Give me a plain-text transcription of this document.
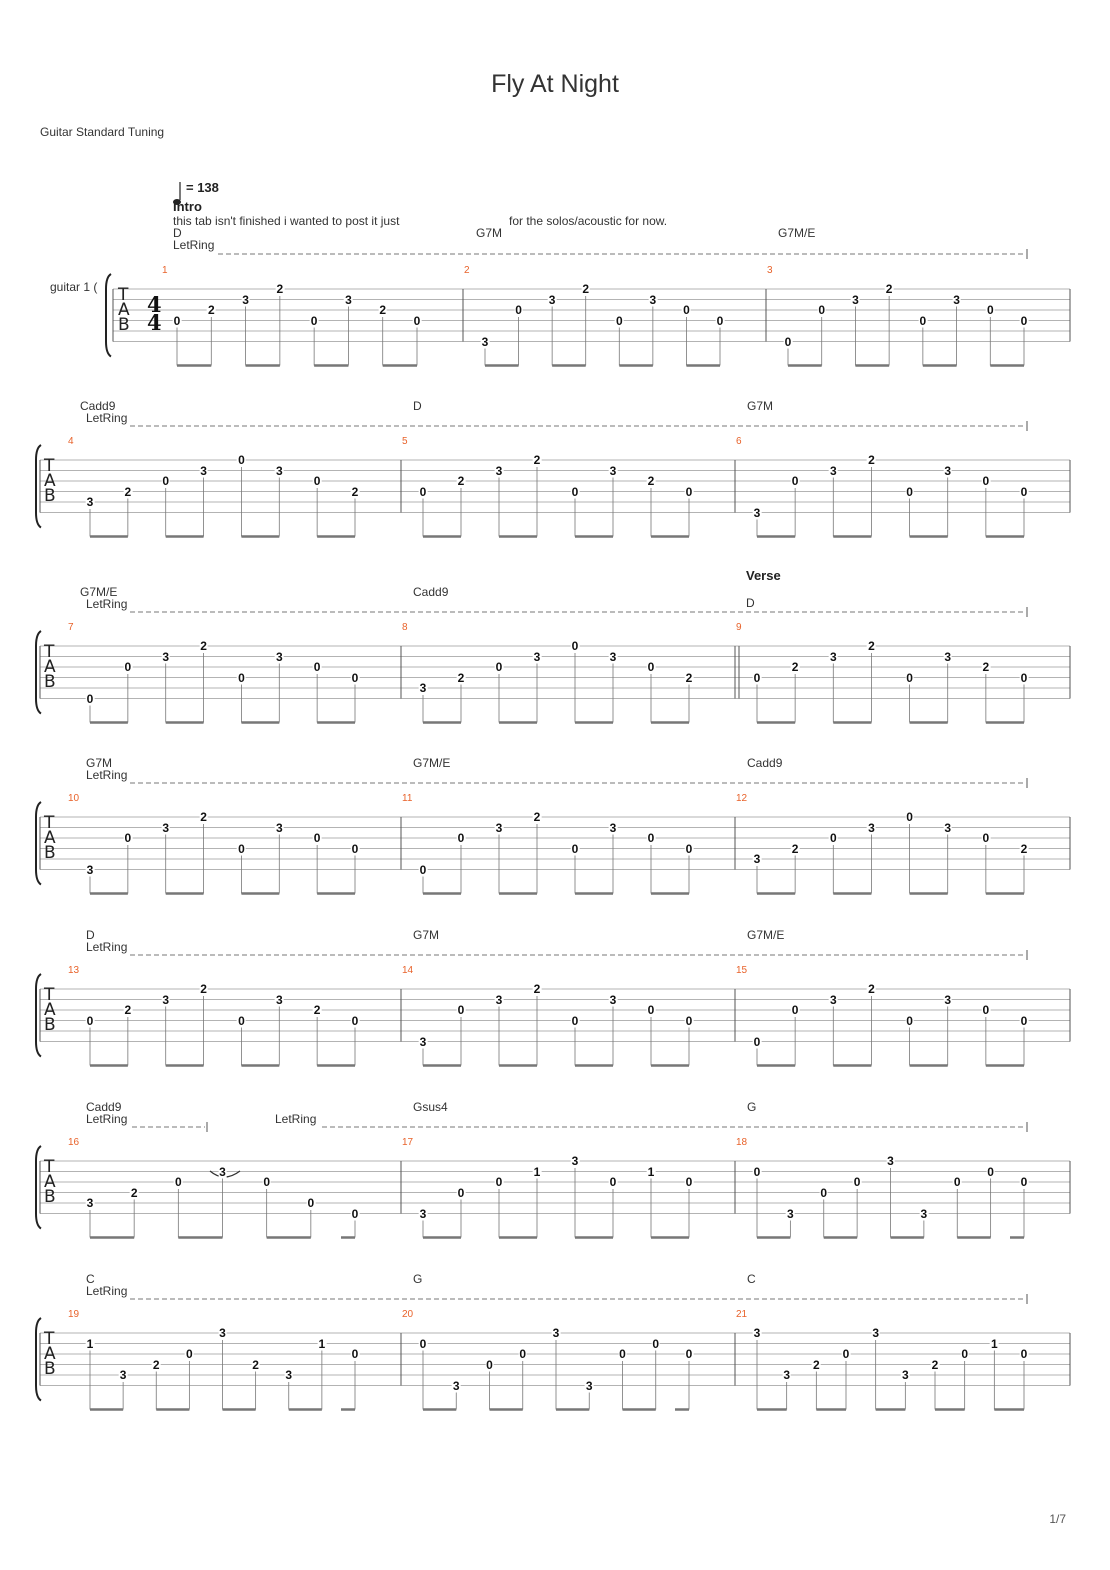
Fly At Night
Guitar Standard Tuning
1/7
T
A
B
4
4
guitar 1 (
LetRing
1
D
0
2
3
2
0
3
2
0
2
G7M
3
0
3
2
0
3
0
0
3
G7M/E
0
0
3
2
0
3
0
0
T
A
B
LetRing
4
Cadd9
3
2
0
3
0
3
0
2
5
D
0
2
3
2
0
3
2
0
6
G7M
3
0
3
2
0
3
0
0
T
A
B
LetRing
7
G7M/E
0
0
3
2
0
3
0
0
8
Cadd9
3
2
0
3
0
3
0
2
9
0
2
3
2
0
3
2
0
Verse
D
T
A
B
LetRing
10
G7M
3
0
3
2
0
3
0
0
11
G7M/E
0
0
3
2
0
3
0
0
12
Cadd9
3
2
0
3
0
3
0
2
T
A
B
LetRing
13
D
0
2
3
2
0
3
2
0
14
G7M
3
0
3
2
0
3
0
0
15
G7M/E
0
0
3
2
0
3
0
0
T
A
B
LetRing	LetRing
16
Cadd9
3
2
0
3
0
0
0
17
Gsus4
3
0
0
1
3
0
1
0
18
G
0
3
0
0
3
3
0
0
0
T
A
B
LetRing
19
C
1
3
2
0
3
2
3
1
0
20
G
0
3
0
0
3
3
0
0
0
21
C
3
3
2
0
3
3
2
0
1
0
= 138
Intro
this tab isn't finished i wanted to post it just	for the solos/acoustic for now.
